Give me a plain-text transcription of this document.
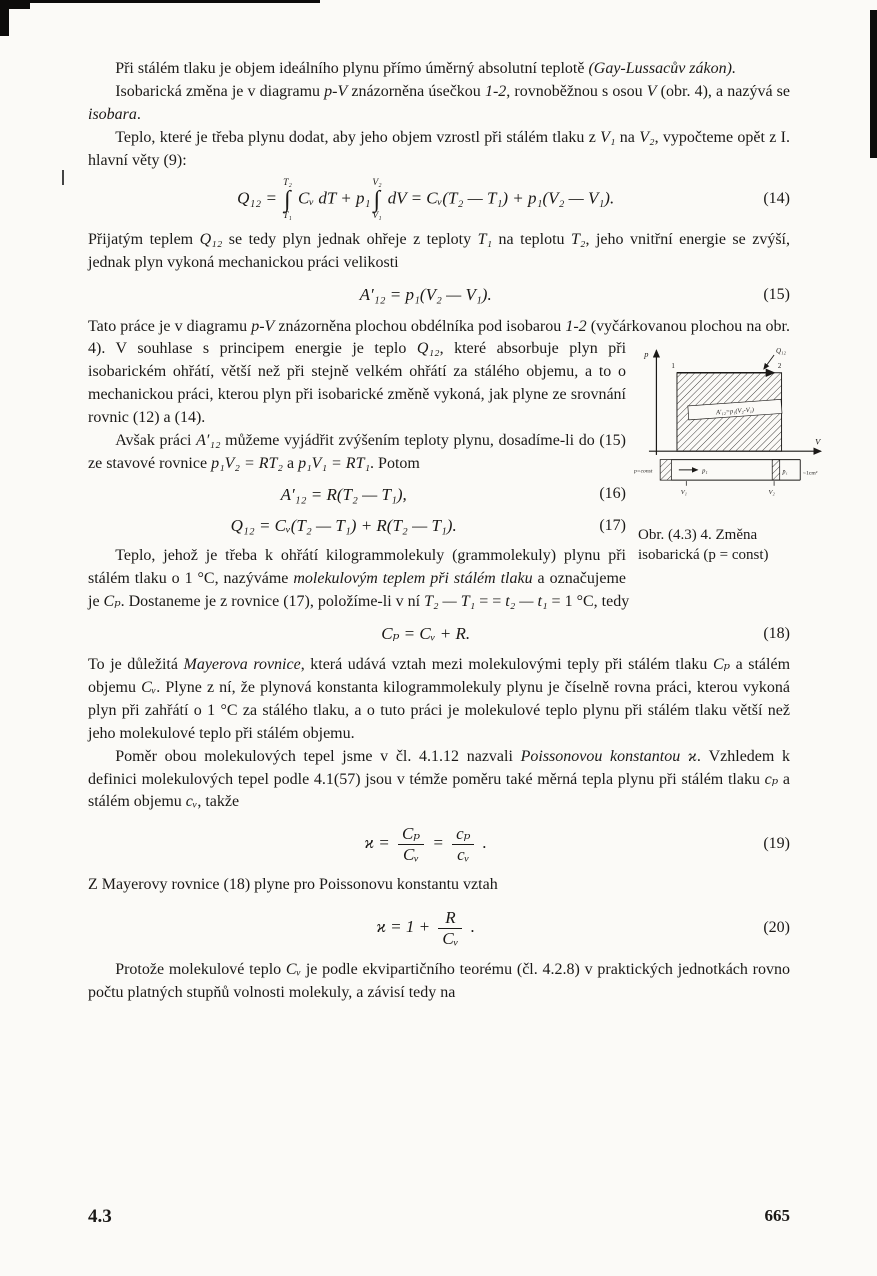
Při stálém tlaku je objem ideálního plynu přímo úměrný absolutní teplotě (Gay-Lussacův zákon).

Isobarická změna je v diagramu p-V znázorněna úsečkou 1-2, rovnoběžnou s osou V (obr. 4), a nazývá se isobara.

Teplo, které je třeba plynu dodat, aby jeho objem vzrostl při stálém tlaku z V₁ na V₂, vypočteme opět z I. hlavní věty (9):

Q₁₂ =
T₂
∫
T₁
Cᵥ dT + p₁
V₂
∫
V₁
dV = Cᵥ(T₂ — T₁) + p₁(V₂ — V₁).	(14)

Přijatým teplem Q₁₂ se tedy plyn jednak ohřeje z teploty T₁ na teplotu T₂, jeho vnitřní energie se zvýší, jednak plyn vykoná mechanickou práci velikosti

A′₁₂ = p₁(V₂ — V₁).	(15)

Tato práce je v diagramu p-V znázorněna plochou obdélníka pod isobarou 1-2 (vyčárkovanou plochou na obr. 4). V souhlase s principem energie je teplo Q₁₂, které	p
V
1	2
Q₁₂
A′₁₂=p₁(V₂-V₁)
p=const	p₁	p̄₁	~1cm²
V₁	V₂
Obr. (4.3) 4. Změna isobarická (p = const)
absorbuje plyn při isobarickém ohřátí, větší než při stejně velkém ohřátí za stálého objemu, a to o mechanickou práci, kterou plyn při isobarické změně vykoná, jak plyne ze srovnání rovnic (12) a (14).

Avšak práci A′₁₂ můžeme vyjádřit zvýšením teploty plynu, dosadíme-li do (15) ze stavové rovnice p₁V₂ = RT₂ a p₁V₁ = RT₁. Potom

A′₁₂ = R(T₂ — T₁),	(16)
Q₁₂ = Cᵥ(T₂ — T₁) + R(T₂ — T₁).	(17)

Teplo, jehož je třeba k ohřátí kilogrammolekuly (grammolekuly) plynu při stálém tlaku o 1 °C, nazýváme molekulovým teplem při stálém tlaku a označujeme je Cₚ. Dostaneme je z rovnice (17), položíme-li v ní T₂ — T₁ = = t₂ — t₁ = 1 °C, tedy

Cₚ = Cᵥ + R.	(18)

To je důležitá Mayerova rovnice, která udává vztah mezi molekulovými teply při stálém tlaku Cₚ a stálém objemu Cᵥ. Plyne z ní, že plynová konstanta kilogrammolekuly plynu je číselně rovna práci, kterou vykoná plyn při zahřátí o 1 °C za stálého tlaku, a o tuto práci je molekulové teplo plynu při stálém tlaku větší než jeho molekulové teplo při stálém objemu.

Poměr obou molekulových tepel jsme v čl. 4.1.12 nazvali Poissonovou konstantou ϰ. Vzhledem k definici molekulových tepel podle 4.1(57) jsou v témže poměru také měrná tepla plynu při stálém tlaku cₚ a stálém objemu cᵥ, takže

$ϰ = \frac{\text{Cₚ}}{\text{Cᵥ}} = \frac{\text{cₚ}}{\text{cᵥ}}$ .	(19)

Z Mayerovy rovnice (18) plyne pro Poissonovu konstantu vztah

$ϰ = 1 + \frac{R}{\text{Cᵥ}}$ .	(20)

Protože molekulové teplo Cᵥ je podle ekvipartičního teorému (čl. 4.2.8) v praktických jednotkách rovno počtu platných stupňů volnosti molekuly, a závisí tedy na

4.3	665
